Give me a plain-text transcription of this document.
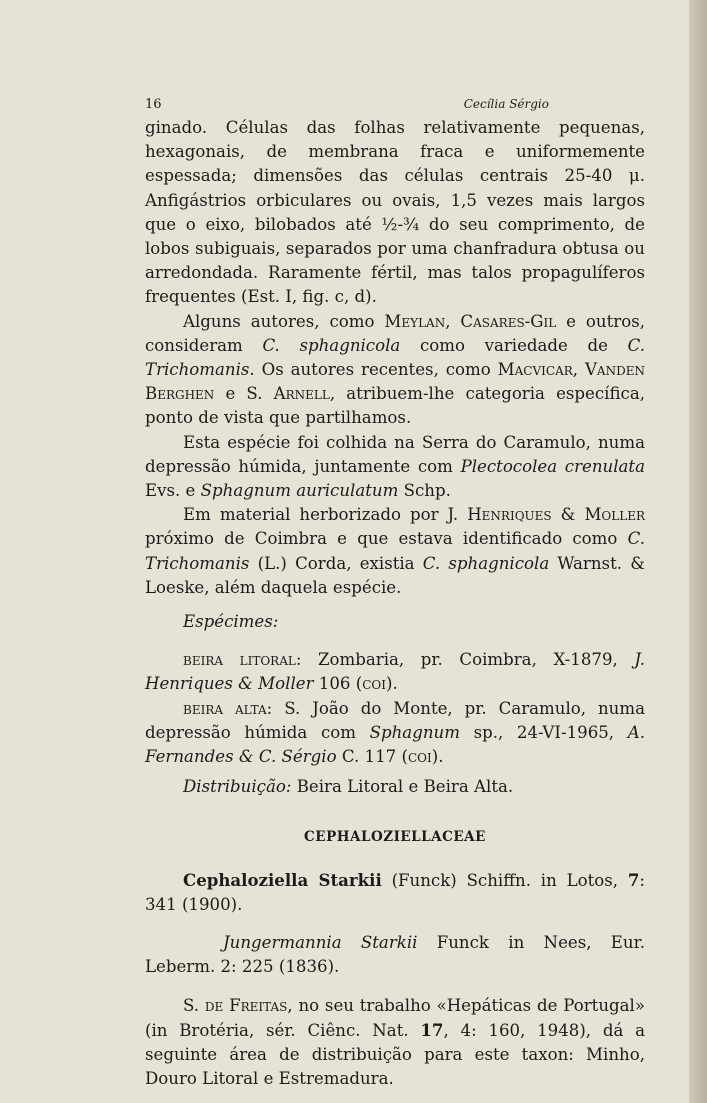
16	Cecília Sérgio

ginado. Células das folhas relativamente pequenas, hexagonais, de membrana fraca e uniformemente espessada; dimensões das células centrais 25-40 μ. Anfigástrios orbiculares ou ovais, 1,5 vezes mais largos que o eixo, bilobados até ½-¾ do seu comprimento, de lobos subiguais, separados por uma chanfradura obtusa ou arredondada. Raramente fértil, mas talos propagulíferos frequentes (Est. I, fig. c, d).

Alguns autores, como Meylan, Casares-Gil e outros, consideram C. sphagnicola como variedade de C. Trichomanis. Os autores recentes, como Macvicar, Vanden Berghen e S. Arnell, atribuem-lhe categoria específica, ponto de vista que partilhamos.

Esta espécie foi colhida na Serra do Caramulo, numa depressão húmida, juntamente com Plectocolea crenulata Evs. e Sphagnum auriculatum Schp.

Em material herborizado por J. Henriques & Moller próximo de Coimbra e que estava identificado como C. Trichomanis (L.) Corda, existia C. sphagnicola Warnst. & Loeske, além daquela espécie.

Espécimes:

beira litoral: Zombaria, pr. Coimbra, X-1879, J. Henriques & Moller 106 (coi).

beira alta: S. João do Monte, pr. Caramulo, numa depressão húmida com Sphagnum sp., 24-VI-1965, A. Fernandes & C. Sérgio C. 117 (coi).

Distribuição: Beira Litoral e Beira Alta.

CEPHALOZIELLACEAE

Cephaloziella Starkii (Funck) Schiffn. in Lotos, 7: 341 (1900).

Jungermannia Starkii Funck in Nees, Eur. Leberm. 2: 225 (1836).

S. de Freitas, no seu trabalho «Hepáticas de Portugal» (in Brotéria, sér. Ciênc. Nat. 17, 4: 160, 1948), dá a seguinte área de distribuição para este taxon: Minho, Douro Litoral e Estremadura.
